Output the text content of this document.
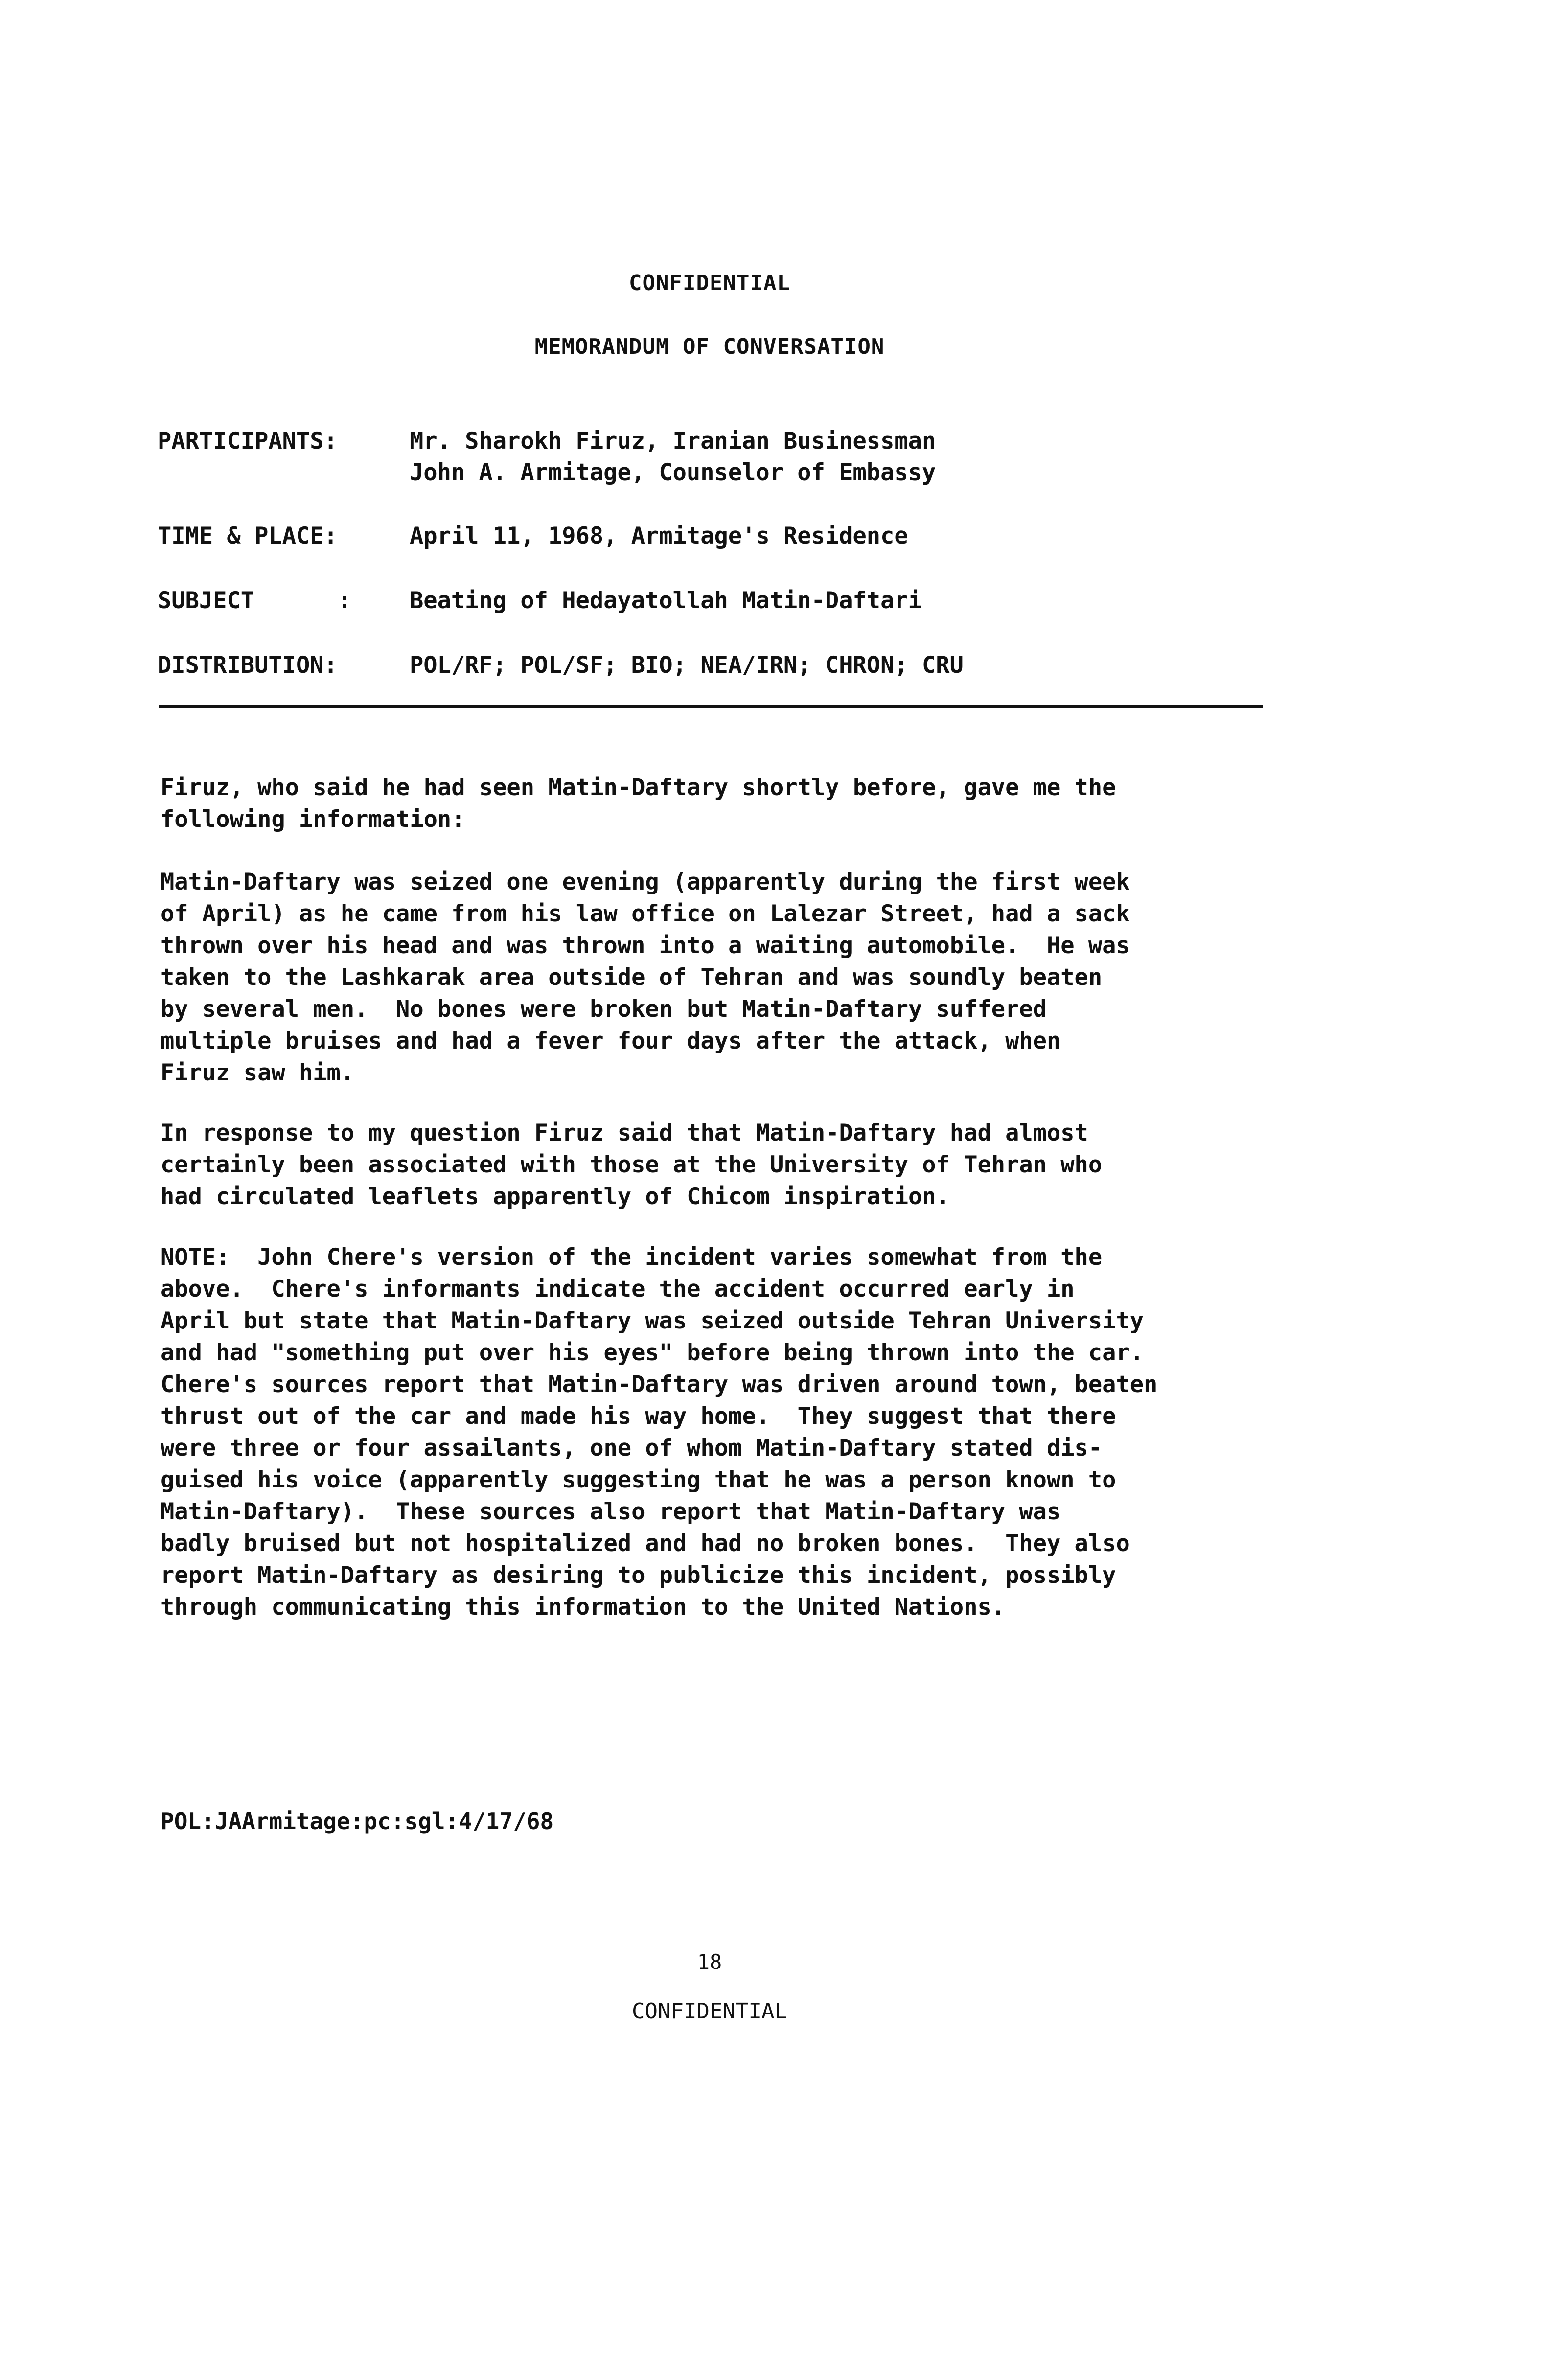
CONFIDENTIAL
MEMORANDUM OF CONVERSATION
PARTICIPANTS:	Mr. Sharokh Firuz, Iranian Businessman
John A. Armitage, Counselor of Embassy
TIME & PLACE:	April 11, 1968, Armitage's Residence
SUBJECT      :	Beating of Hedayatollah Matin-Daftari
DISTRIBUTION:	POL/RF; POL/SF; BIO; NEA/IRN; CHRON; CRU

Firuz, who said he had seen Matin-Daftary shortly before, gave me the
following information:

Matin-Daftary was seized one evening (apparently during the first week
of April) as he came from his law office on Lalezar Street, had a sack
thrown over his head and was thrown into a waiting automobile.  He was
taken to the Lashkarak area outside of Tehran and was soundly beaten
by several men.  No bones were broken but Matin-Daftary suffered
multiple bruises and had a fever four days after the attack, when
Firuz saw him.

In response to my question Firuz said that Matin-Daftary had almost
certainly been associated with those at the University of Tehran who
had circulated leaflets apparently of Chicom inspiration.

NOTE:  John Chere's version of the incident varies somewhat from the
above.  Chere's informants indicate the accident occurred early in
April but state that Matin-Daftary was seized outside Tehran University
and had "something put over his eyes" before being thrown into the car.
Chere's sources report that Matin-Daftary was driven around town, beaten
thrust out of the car and made his way home.  They suggest that there
were three or four assailants, one of whom Matin-Daftary stated dis-
guised his voice (apparently suggesting that he was a person known to
Matin-Daftary).  These sources also report that Matin-Daftary was
badly bruised but not hospitalized and had no broken bones.  They also
report Matin-Daftary as desiring to publicize this incident, possibly
through communicating this information to the United Nations.

POL:JAArmitage:pc:sgl:4/17/68
18
CONFIDENTIAL
